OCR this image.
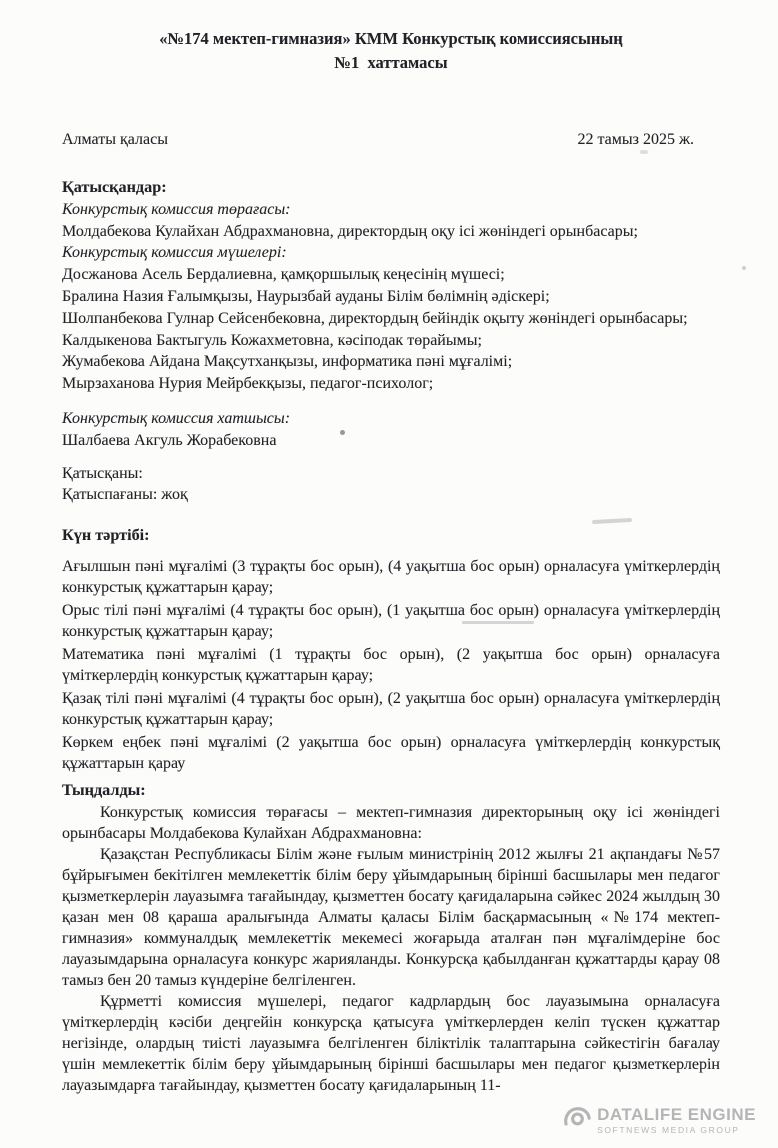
«№174 мектеп-гимназия» КММ Конкурстық комиссиясының
№1  хаттамасы
Алматы қаласы	22 тамыз 2025 ж.
Қатысқандар:
Конкурстық комиссия төрағасы:
Молдабекова Кулайхан Абдрахмановна, директордың оқу ісі жөніндегі орынбасары;
Конкурстық комиссия мүшелері:
Досжанова Асель Бердалиевна, қамқоршылық кеңесінің мүшесі;
Бралина Назия Ғалымқызы, Наурызбай ауданы Білім бөлімнің әдіскері;
Шолпанбекова Гулнар Сейсенбековна, директордың бейіндік оқыту жөніндегі орынбасары;
Калдыкенова Бактыгуль Кожахметовна, кәсіподак төрайымы;
Жумабекова Айдана Мақсутханқызы, информатика пәні мұғалімі;
Мырзаханова Нурия Мейрбекқызы, педагог-психолог;
Конкурстық комиссия хатшысы:
Шалбаева Акгуль Жорабековна
Қатысқаны:
Қатыспағаны: жоқ
Күн тәртібі:
Ағылшын пәні мұғалімі (3 тұрақты бос орын), (4 уақытша бос орын) орналасуға үміткерлердің конкурстық құжаттарын қарау;
Орыс тілі пәні мұғалімі (4 тұрақты бос орын), (1 уақытша бос орын) орналасуға үміткерлердің конкурстық құжаттарын қарау;
Математика пәні мұғалімі (1 тұрақты бос орын), (2 уақытша бос орын) орналасуға үміткерлердің конкурстық құжаттарын қарау;
Қазақ тілі пәні мұғалімі (4 тұрақты бос орын), (2 уақытша бос орын) орналасуға үміткерлердің конкурстық құжаттарын қарау;
Көркем еңбек пәні мұғалімі (2 уақытша бос орын) орналасуға үміткерлердің конкурстық құжаттарын қарау
Тыңдалды:

Конкурстық комиссия төрағасы – мектеп-гимназия директорының оқу ісі жөніндегі орынбасары Молдабекова Кулайхан Абдрахмановна:

Қазақстан Республикасы Білім және ғылым министрінің 2012 жылғы 21 ақпандағы №57 бұйрығымен бекітілген мемлекеттік білім беру ұйымдарының бірінші басшылары мен педагог қызметкерлерін лауазымға тағайындау, қызметтен босату қағидаларына сәйкес 2024 жылдың 30 қазан мен 08 қараша аралығында Алматы қаласы Білім басқармасының «№174 мектеп-гимназия» коммуналдық мемлекеттік мекемесі жоғарыда аталған пән мұғалімдеріне бос лауазымдарына орналасуға конкурс жарияланды. Конкурсқа қабылданған құжаттарды қарау 08 тамыз бен 20 тамыз күндеріне белгіленген.

Құрметті комиссия мүшелері, педагог кадрлардың бос лауазымына орналасуға үміткерлердің кәсіби деңгейін конкурсқа қатысуға үміткерлерден келіп түскен құжаттар негізінде, олардың тиісті лауазымға белгіленген біліктілік талаптарына сәйкестігін бағалау үшін мемлекеттік білім беру ұйымдарының бірінші басшылары мен педагог қызметкерлерін лауазымдарға тағайындау, қызметтен босату қағидаларының 11-

DATALIFE ENGINE
SOFTNEWS MEDIA GROUP
